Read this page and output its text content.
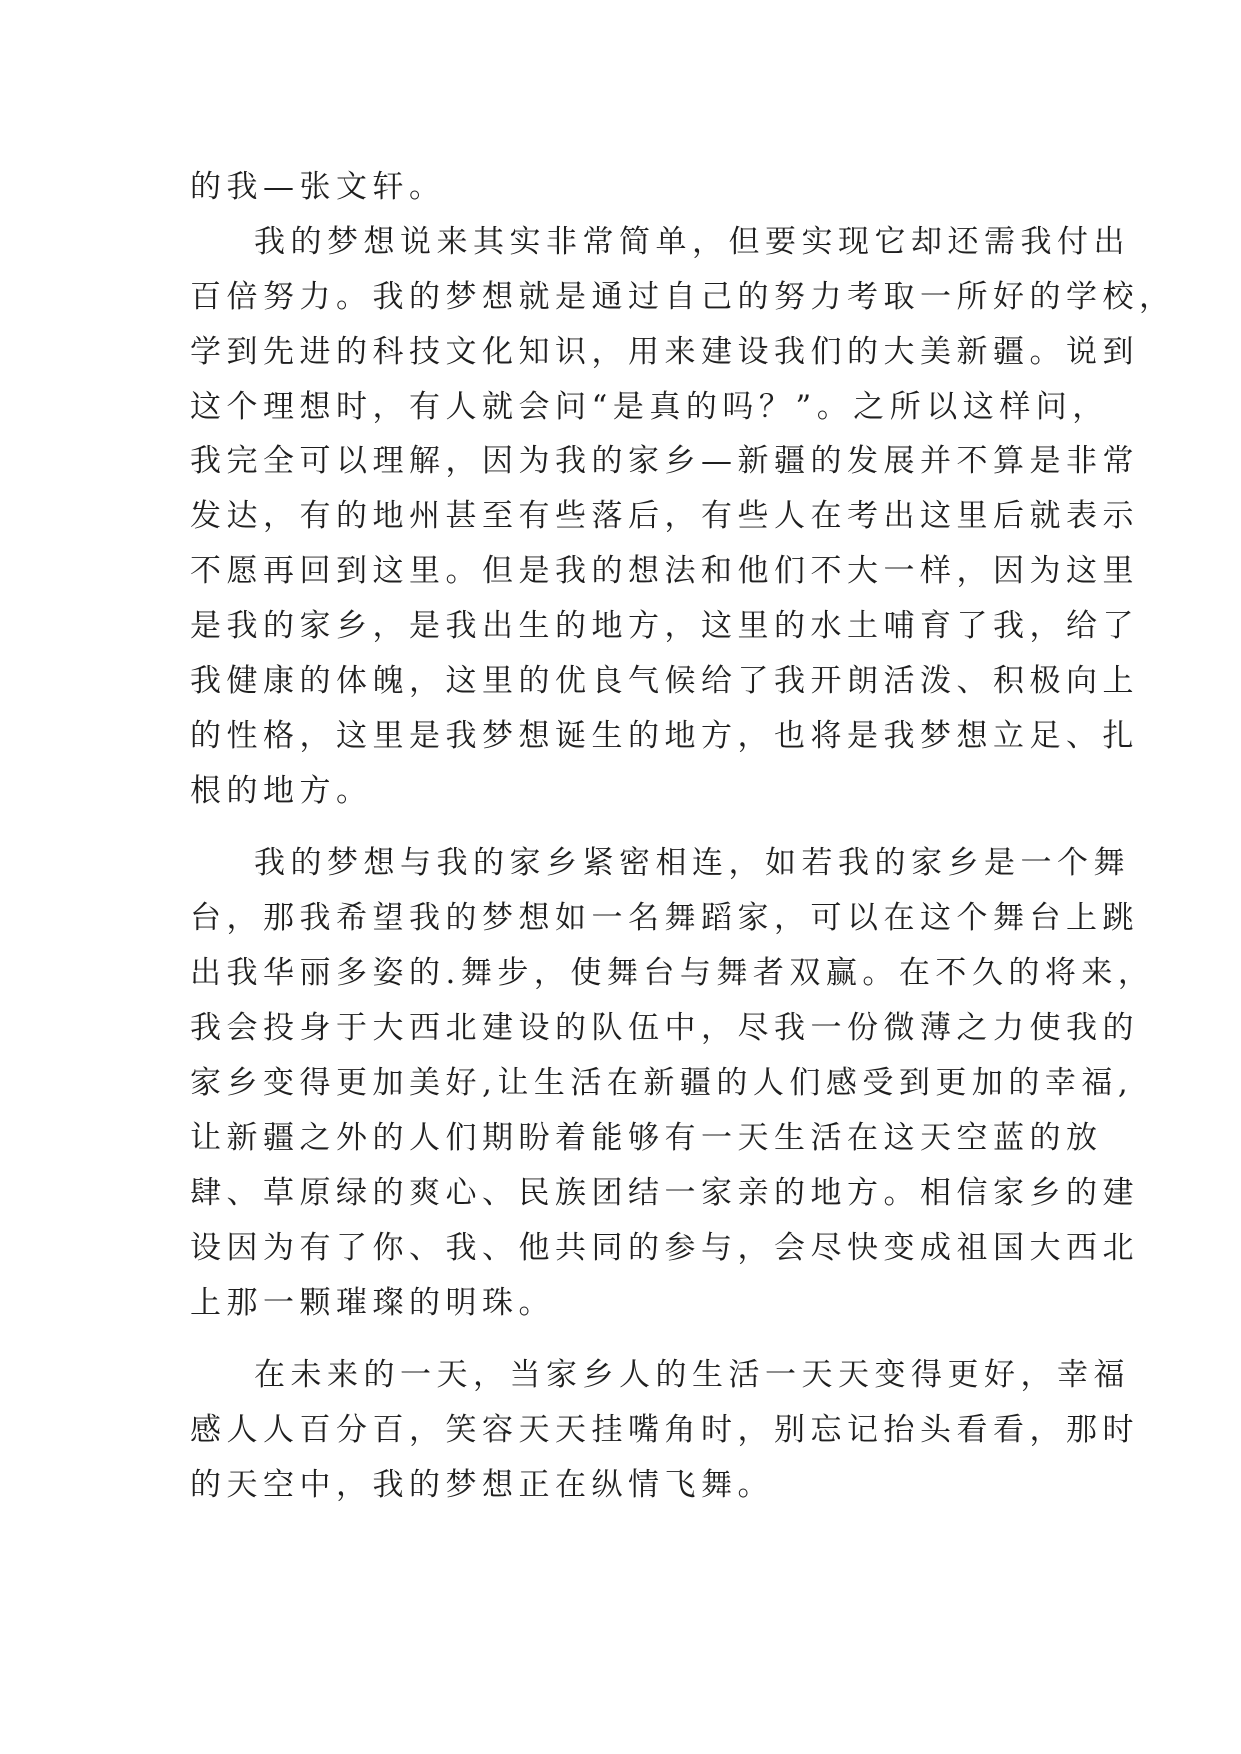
的我—张文轩。
我的梦想说来其实非常简单，但要实现它却还需我付出
百倍努力。我的梦想就是通过自己的努力考取一所好的学校，
学到先进的科技文化知识，用来建设我们的大美新疆。说到
这个理想时，有人就会问“是真的吗？”。之所以这样问，
我完全可以理解，因为我的家乡—新疆的发展并不算是非常
发达，有的地州甚至有些落后，有些人在考出这里后就表示
不愿再回到这里。但是我的想法和他们不大一样，因为这里
是我的家乡，是我出生的地方，这里的水土哺育了我，给了
我健康的体魄，这里的优良气候给了我开朗活泼、积极向上
的性格，这里是我梦想诞生的地方，也将是我梦想立足、扎
根的地方。
我的梦想与我的家乡紧密相连，如若我的家乡是一个舞
台，那我希望我的梦想如一名舞蹈家，可以在这个舞台上跳
出我华丽多姿的.舞步，使舞台与舞者双赢。在不久的将来，
我会投身于大西北建设的队伍中，尽我一份微薄之力使我的
家乡变得更加美好,让生活在新疆的人们感受到更加的幸福,
让新疆之外的人们期盼着能够有一天生活在这天空蓝的放
肆、草原绿的爽心、民族团结一家亲的地方。相信家乡的建
设因为有了你、我、他共同的参与，会尽快变成祖国大西北
上那一颗璀璨的明珠。
在未来的一天，当家乡人的生活一天天变得更好，幸福
感人人百分百，笑容天天挂嘴角时，别忘记抬头看看，那时
的天空中，我的梦想正在纵情飞舞。
